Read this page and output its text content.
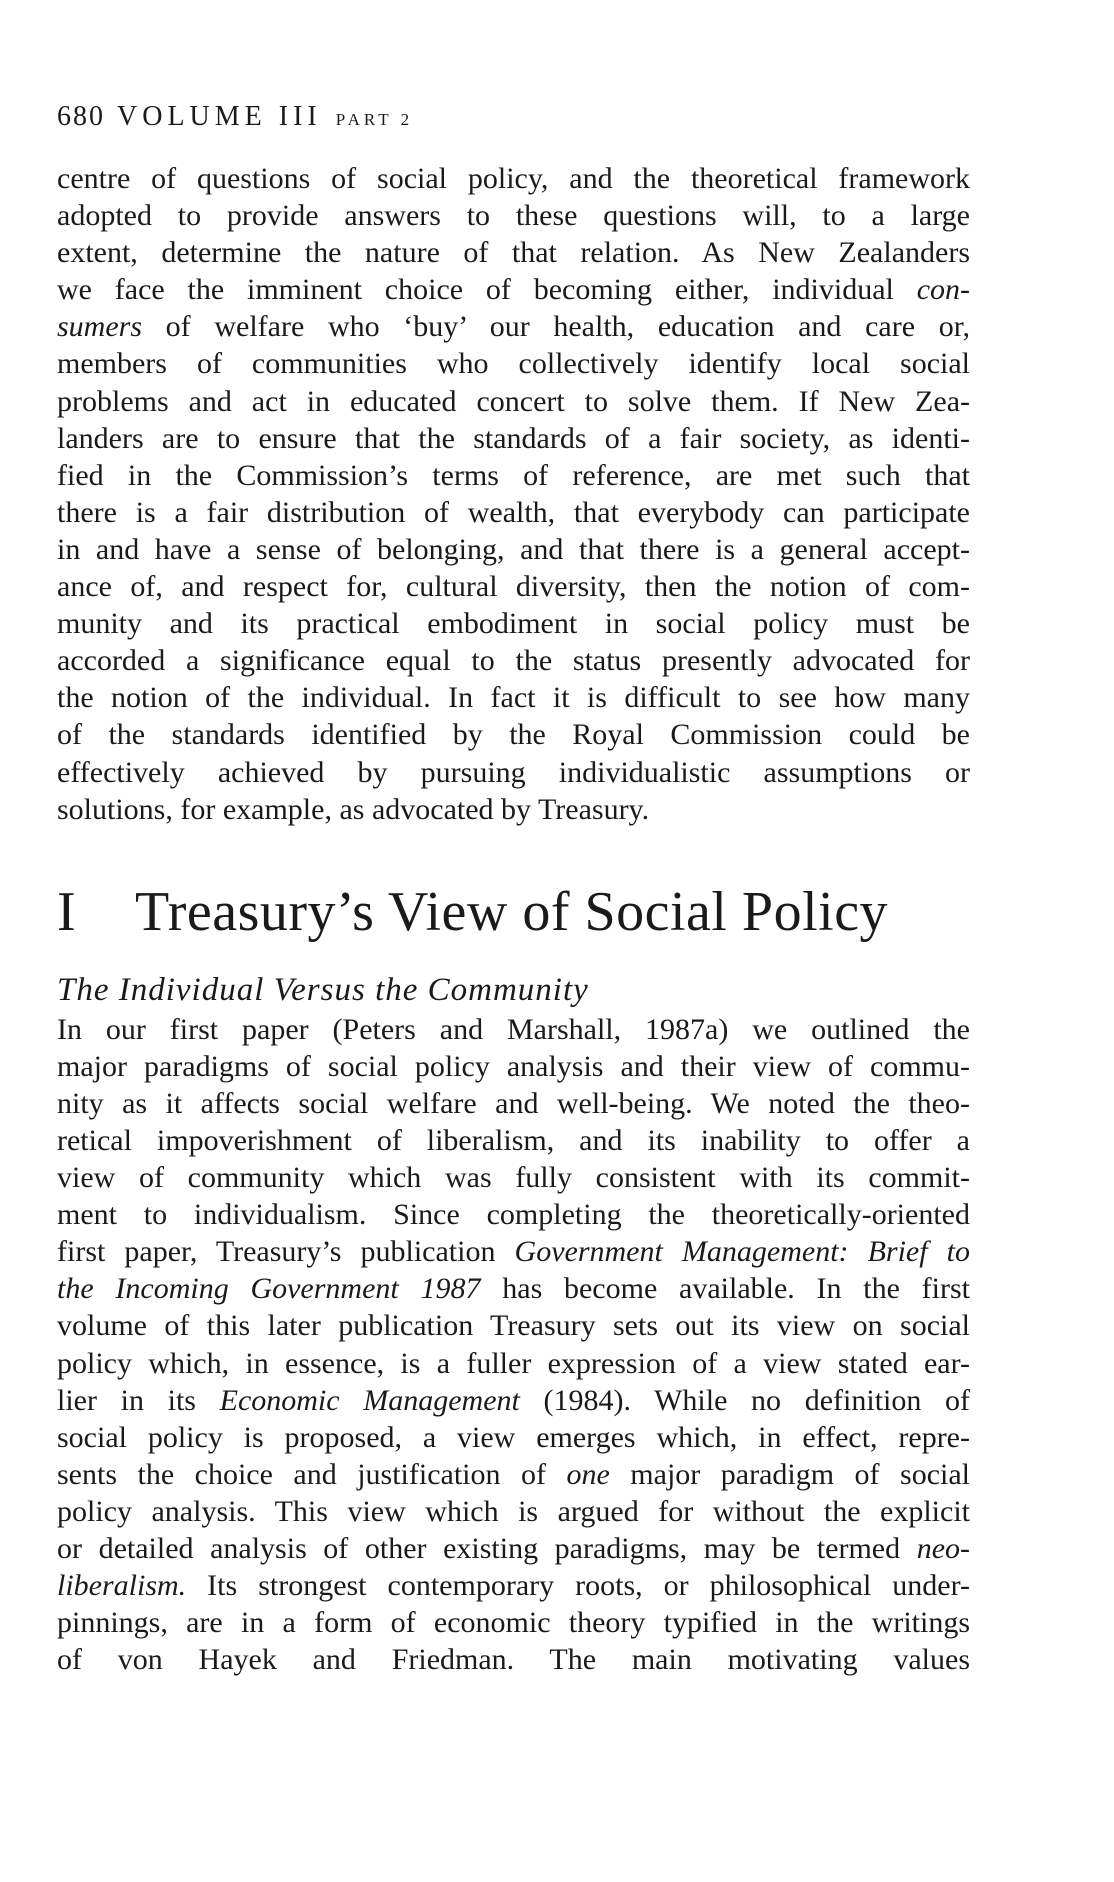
680 VOLUME III PART 2

centre of questions of social policy, and the theoretical framework
adopted to provide answers to these questions will, to a large
extent, determine the nature of that relation. As New Zealanders
we face the imminent choice of becoming either, individual con-
sumers of welfare who ‘buy’ our health, education and care or,
members of communities who collectively identify local social
problems and act in educated concert to solve them. If New Zea-
landers are to ensure that the standards of a fair society, as identi-
fied in the Commission’s terms of reference, are met such that
there is a fair distribution of wealth, that everybody can participate
in and have a sense of belonging, and that there is a general accept-
ance of, and respect for, cultural diversity, then the notion of com-
munity and its practical embodiment in social policy must be
accorded a significance equal to the status presently advocated for
the notion of the individual. In fact it is difficult to see how many
of the standards identified by the Royal Commission could be
effectively achieved by pursuing individualistic assumptions or
solutions, for example, as advocated by Treasury.

I Treasury’s View of Social Policy
The Individual Versus the Community

In our first paper (Peters and Marshall, 1987a) we outlined the
major paradigms of social policy analysis and their view of commu-
nity as it affects social welfare and well-being. We noted the theo-
retical impoverishment of liberalism, and its inability to offer a
view of community which was fully consistent with its commit-
ment to individualism. Since completing the theoretically-oriented
first paper, Treasury’s publication Government Management: Brief to
the Incoming Government 1987 has become available. In the first
volume of this later publication Treasury sets out its view on social
policy which, in essence, is a fuller expression of a view stated ear-
lier in its Economic Management (1984). While no definition of
social policy is proposed, a view emerges which, in effect, repre-
sents the choice and justification of one major paradigm of social
policy analysis. This view which is argued for without the explicit
or detailed analysis of other existing paradigms, may be termed neo-
liberalism. Its strongest contemporary roots, or philosophical under-
pinnings, are in a form of economic theory typified in the writings
of von Hayek and Friedman. The main motivating values
